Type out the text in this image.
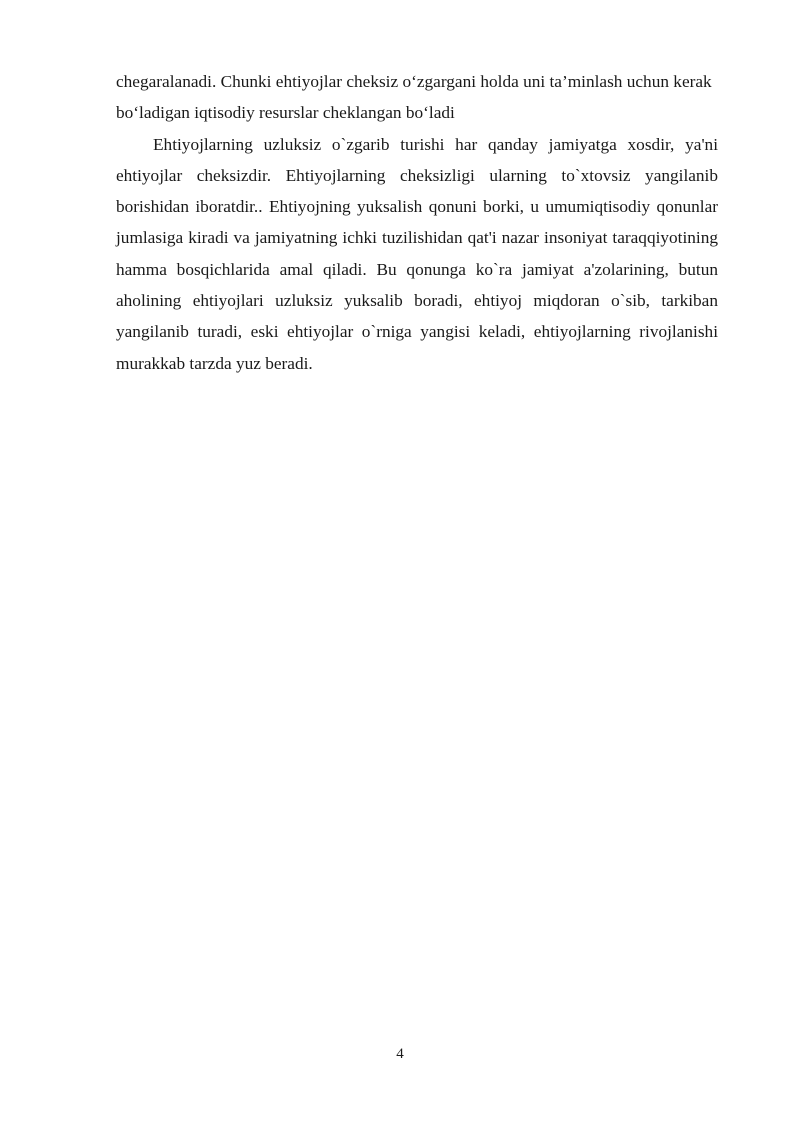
chegaralanadi. Chunki ehtiyojlar cheksiz o‘zgargani holda uni ta’minlash uchun kerak bo‘ladigan iqtisodiy resurslar cheklangan bo‘ladi

Ehtiyojlarning uzluksiz o`zgarib turishi har qanday jamiyatga xosdir, ya'ni ehtiyojlar cheksizdir. Ehtiyojlarning cheksizligi ularning to`xtovsiz yangilanib borishidan iboratdir.. Ehtiyojning yuksalish qonuni borki, u umumiqtisodiy qonunlar jumlasiga kiradi va jamiyatning ichki tuzilishidan qat'i nazar insoniyat taraqqiyotining hamma bosqichlarida amal qiladi. Bu qonunga ko`ra jamiyat a'zolarining, butun aholining ehtiyojlari uzluksiz yuksalib boradi, ehtiyoj miqdoran o`sib, tarkiban yangilanib turadi, eski ehtiyojlar o`rniga yangisi keladi, ehtiyojlarning rivojlanishi murakkab tarzda yuz beradi.

4
